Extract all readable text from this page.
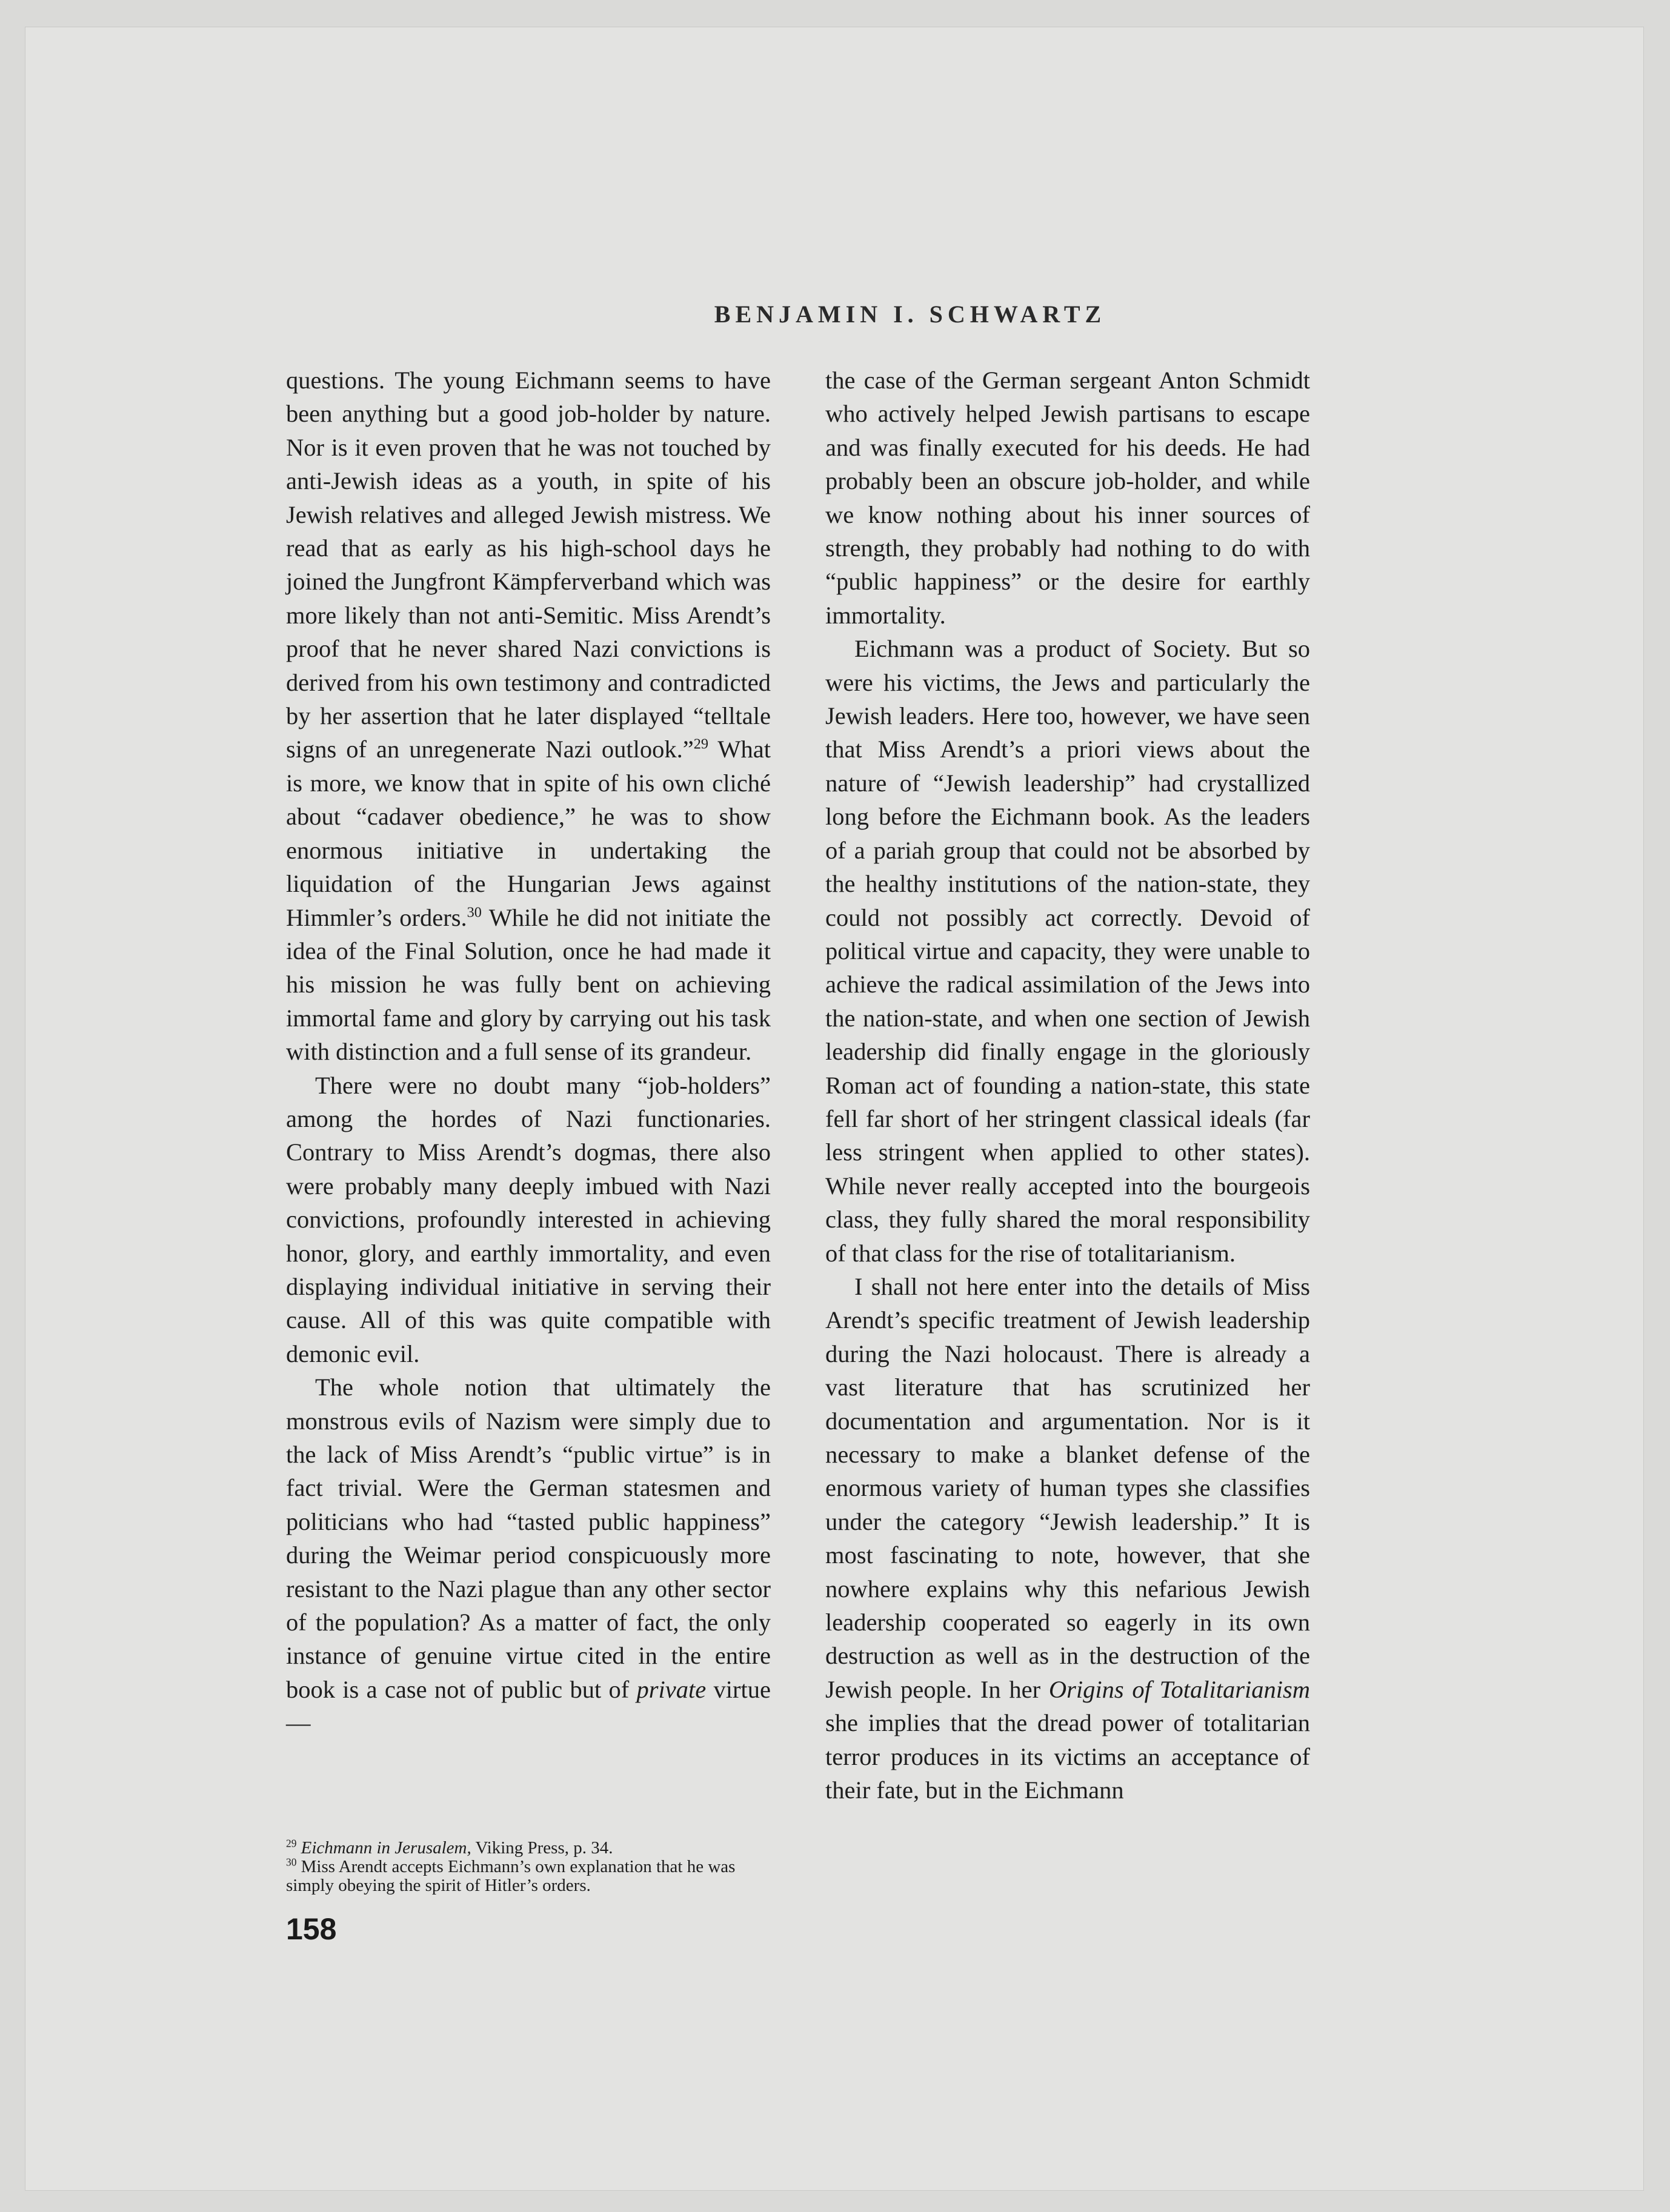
BENJAMIN I. SCHWARTZ

questions. The young Eichmann seems to have been anything but a good job-holder by nature. Nor is it even proven that he was not touched by anti-Jewish ideas as a youth, in spite of his Jewish relatives and alleged Jewish mistress. We read that as early as his high-school days he joined the Jungfront Kämpferverband which was more likely than not anti-Semitic. Miss Arendt’s proof that he never shared Nazi convictions is derived from his own testimony and contradicted by her assertion that he later displayed “telltale signs of an unregenerate Nazi outlook.”$^{29}$ What is more, we know that in spite of his own cliché about “cadaver obedience,” he was to show enormous initiative in undertaking the liquidation of the Hungarian Jews against Himmler’s orders.$^{30}$ While he did not initiate the idea of the Final Solution, once he had made it his mission he was fully bent on achieving immortal fame and glory by carrying out his task with distinction and a full sense of its grandeur.

There were no doubt many “job-holders” among the hordes of Nazi functionaries. Contrary to Miss Arendt’s dogmas, there also were probably many deeply imbued with Nazi convictions, profoundly interested in achieving honor, glory, and earthly immortality, and even displaying individual initiative in serving their cause. All of this was quite compatible with demonic evil.

The whole notion that ultimately the monstrous evils of Nazism were simply due to the lack of Miss Arendt’s “public virtue” is in fact trivial. Were the German statesmen and politicians who had “tasted public happiness” during the Weimar period conspicuously more resistant to the Nazi plague than any other sector of the population? As a matter of fact, the only instance of genuine virtue cited in the entire book is a case not of public but of private virtue—

the case of the German sergeant Anton Schmidt who actively helped Jewish partisans to escape and was finally executed for his deeds. He had probably been an obscure job-holder, and while we know nothing about his inner sources of strength, they probably had nothing to do with “public happiness” or the desire for earthly immortality.

Eichmann was a product of Society. But so were his victims, the Jews and particularly the Jewish leaders. Here too, however, we have seen that Miss Arendt’s a priori views about the nature of “Jewish leadership” had crystallized long before the Eichmann book. As the leaders of a pariah group that could not be absorbed by the healthy institutions of the nation-state, they could not possibly act correctly. Devoid of political virtue and capacity, they were unable to achieve the radical assimilation of the Jews into the nation-state, and when one section of Jewish leadership did finally engage in the gloriously Roman act of founding a nation-state, this state fell far short of her stringent classical ideals (far less stringent when applied to other states). While never really accepted into the bourgeois class, they fully shared the moral responsibility of that class for the rise of totalitarianism.

I shall not here enter into the details of Miss Arendt’s specific treatment of Jewish leadership during the Nazi holocaust. There is already a vast literature that has scrutinized her documentation and argumentation. Nor is it necessary to make a blanket defense of the enormous variety of human types she classifies under the category “Jewish leadership.” It is most fascinating to note, however, that she nowhere explains why this nefarious Jewish leadership cooperated so eagerly in its own destruction as well as in the destruction of the Jewish people. In her Origins of Totalitarianism she implies that the dread power of totalitarian terror produces in its victims an acceptance of their fate, but in the Eichmann

$^{29}$ Eichmann in Jerusalem, Viking Press, p. 34.

$^{30}$ Miss Arendt accepts Eichmann’s own explanation that he was simply obeying the spirit of Hitler’s orders.

158
